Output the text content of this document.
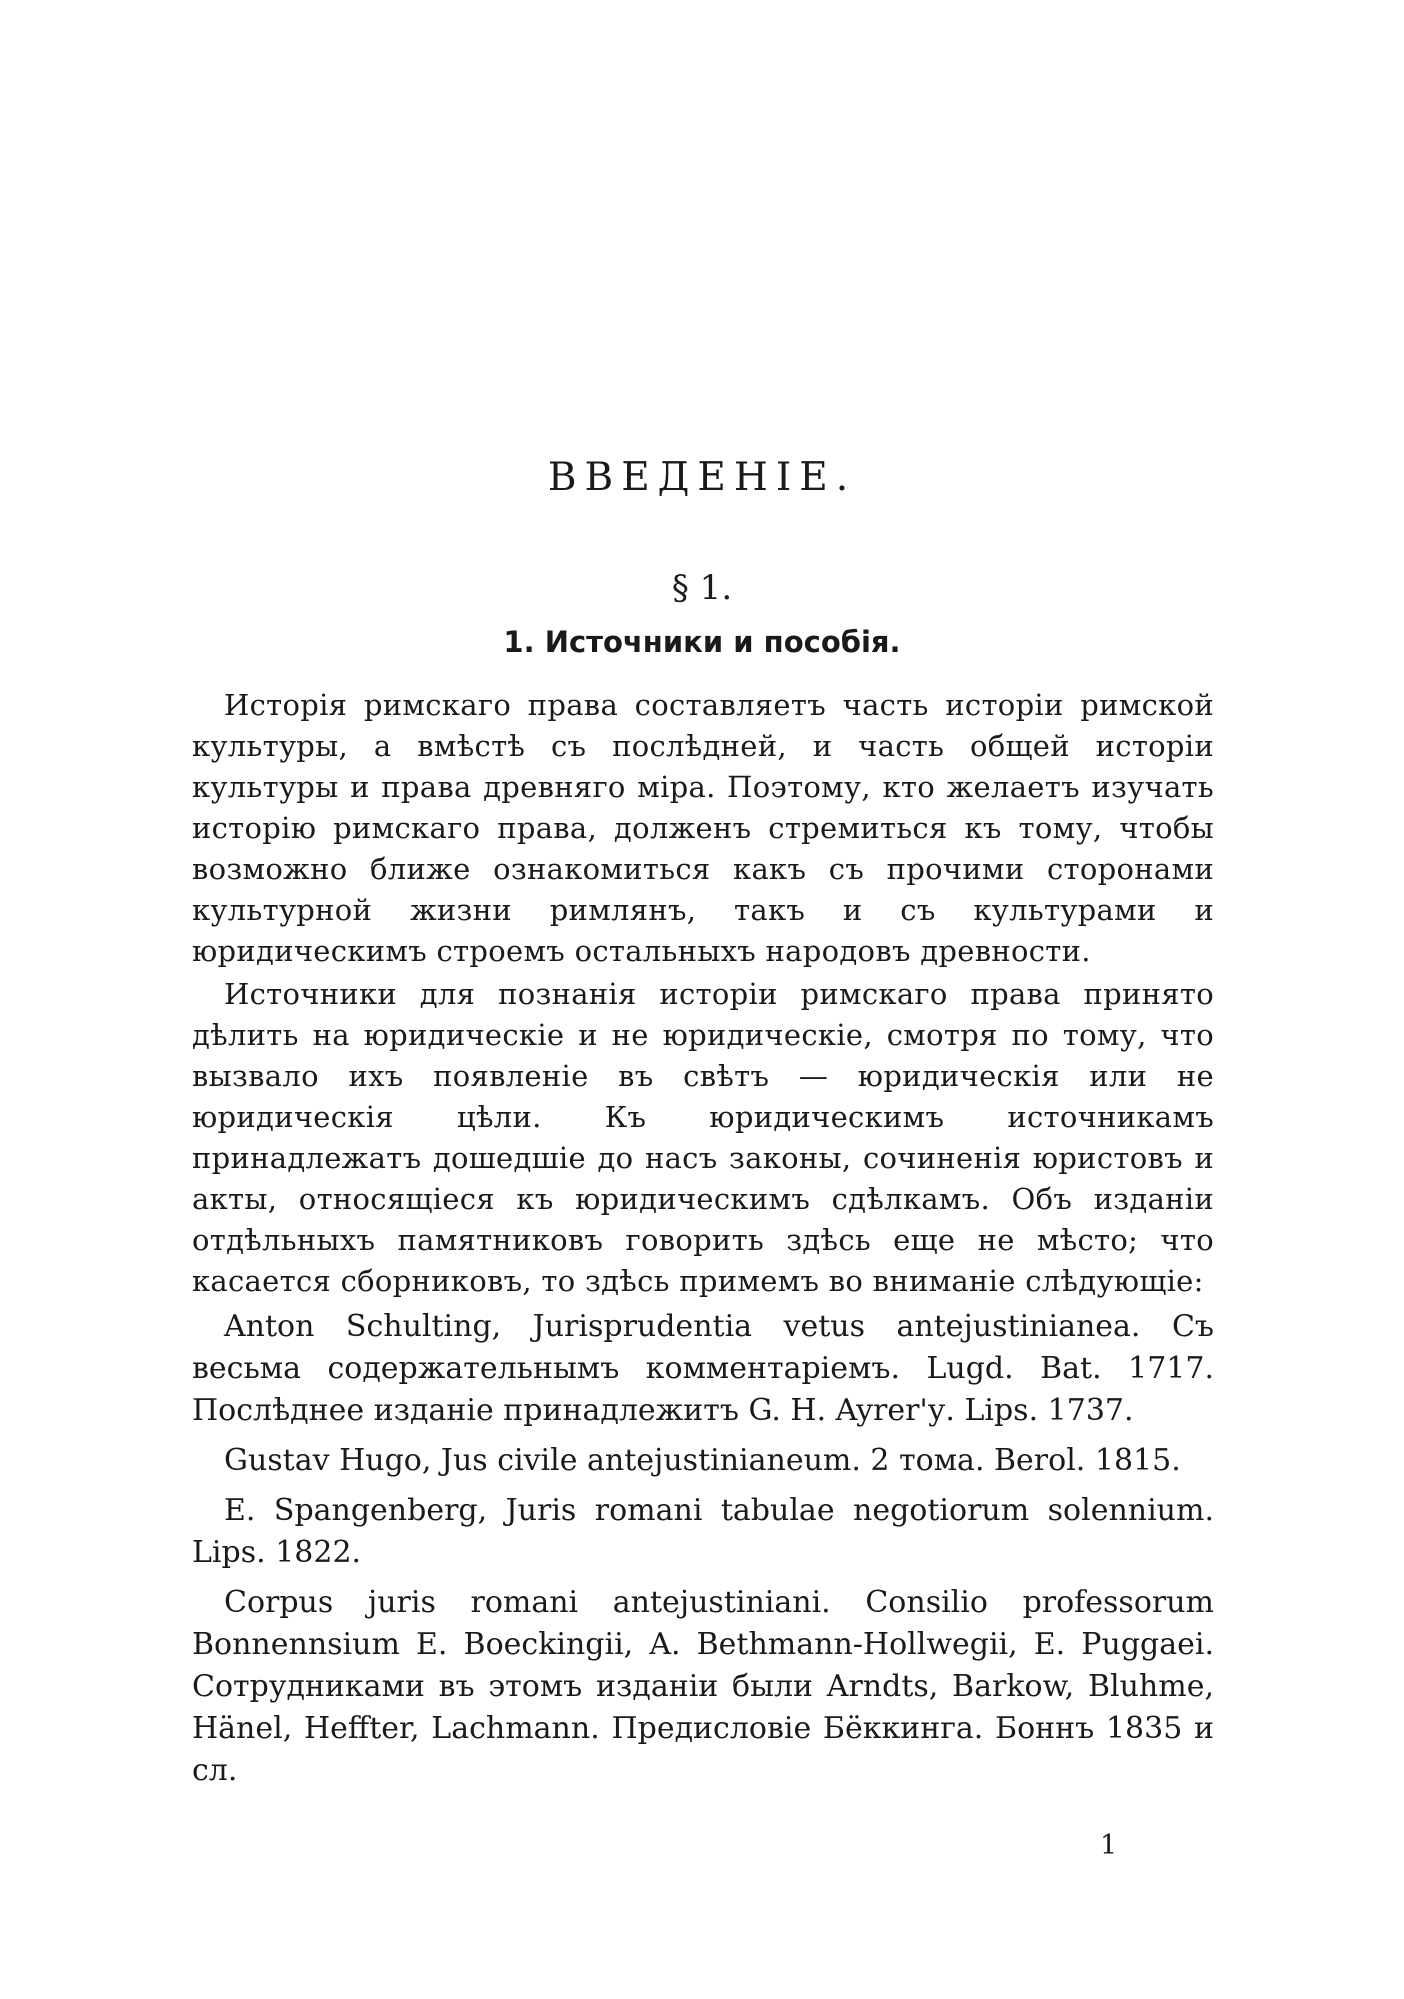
ВВЕДЕНІЕ.
§ 1.
1. Источники и пособія.

Исторія римскаго права составляетъ часть исторіи римской культуры, а вмѣстѣ съ послѣдней, и часть общей исторіи культуры и права древняго міра. Поэтому, кто желаетъ изучать исторію римскаго права, долженъ стремиться къ тому, чтобы возможно ближе ознакомиться какъ съ прочими сторонами культурной жизни римлянъ, такъ и съ культурами и юридическимъ строемъ остальныхъ народовъ древности.

Источники для познанія исторіи римскаго права принято дѣлить на юридическіе и не юридическіе, смотря по тому, что вызвало ихъ появленіе въ свѣтъ — юридическія или не юридическія цѣли. Къ юридическимъ источникамъ принадлежатъ дошедшіе до насъ законы, сочиненія юристовъ и акты, относящіеся къ юридическимъ сдѣлкамъ. Объ изданіи отдѣльныхъ памятниковъ говорить здѣсь еще не мѣсто; что касается сборниковъ, то здѣсь примемъ во вниманіе слѣдующіе:

Anton Schulting, Jurisprudentia vetus antejustinianea. Съ весьма содержательнымъ комментаріемъ. Lugd. Bat. 1717. Послѣднее изданіе принадлежитъ G. H. Ayrer'у. Lips. 1737.

Gustav Hugo, Jus civile antejustinianeum. 2 тома. Berol. 1815.

E. Spangenberg, Juris romani tabulae negotiorum solennium. Lips. 1822.

Corpus juris romani antejustiniani. Consilio professorum Bonnennsium E. Boeckingii, A. Bethmann-Hollwegii, E. Puggaei. Сотрудниками въ этомъ изданіи были Arndts, Barkow, Bluhme, Hänel, Heffter, Lachmann. Предисловіе Бёккинга. Боннъ 1835 и сл.

1
